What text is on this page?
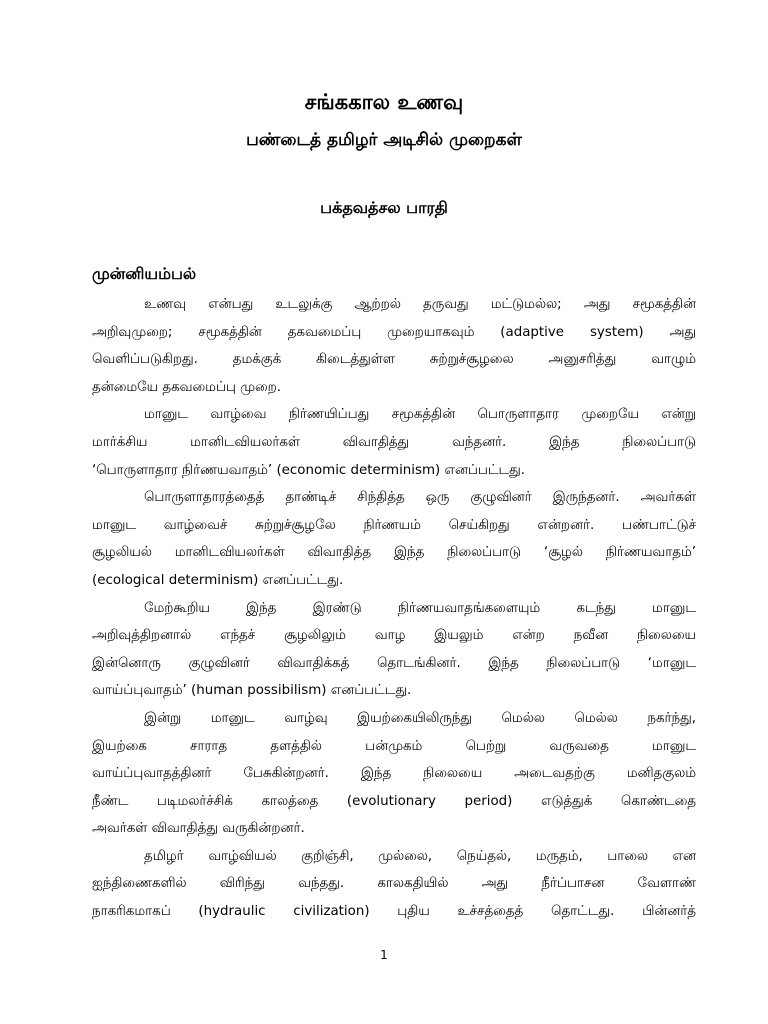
சங்ககால உணவு
பண்டைத் தமிழர் அடிசில் முறைகள்
பக்தவத்சல பாரதி
முன்னியம்பல்
உணவு என்பது உடலுக்கு ஆற்றல் தருவது மட்டுமல்ல; அது சமூகத்தின்
அறிவுமுறை; சமூகத்தின் தகவமைப்பு முறையாகவும் (adaptive system) அது
வெளிப்படுகிறது. தமக்குக் கிடைத்துள்ள சுற்றுச்சூழலை அனுசரித்து வாழும்
தன்மையே தகவமைப்பு முறை.
மானுட வாழ்வை நிர்ணயிப்பது சமூகத்தின் பொருளாதார முறையே என்று
மார்க்சிய மானிடவியலர்கள் விவாதித்து வந்தனர். இந்த நிலைப்பாடு
‘பொருளாதார நிர்ணயவாதம்’ (economic determinism) எனப்பட்டது.
பொருளாதாரத்தைத் தாண்டிச் சிந்தித்த ஒரு குழுவினர் இருந்தனர். அவர்கள்
மானுட வாழ்வைச் சுற்றுச்சூழலே நிர்ணயம் செய்கிறது என்றனர். பண்பாட்டுச்
சூழலியல் மானிடவியலர்கள் விவாதித்த இந்த நிலைப்பாடு ‘சூழல் நிர்ணயவாதம்’
(ecological determinism) எனப்பட்டது.
மேற்கூறிய இந்த இரண்டு நிர்ணயவாதங்களையும் கடந்து மானுட
அறிவுத்திறனால் எந்தச் சூழலிலும் வாழ இயலும் என்ற நவீன நிலையை
இன்னொரு குழுவினர் விவாதிக்கத் தொடங்கினர். இந்த நிலைப்பாடு ‘மானுட
வாய்ப்புவாதம்’ (human possibilism) எனப்பட்டது.
இன்று மானுட வாழ்வு இயற்கையிலிருந்து மெல்ல மெல்ல நகர்ந்து,
இயற்கை சாராத தளத்தில் பன்முகம் பெற்று வருவதை மானுட
வாய்ப்புவாதத்தினர் பேசுகின்றனர். இந்த நிலையை அடைவதற்கு மனிதகுலம்
நீண்ட படிமலர்ச்சிக் காலத்தை (evolutionary period) எடுத்துக் கொண்டதை
அவர்கள் விவாதித்து வருகின்றனர்.
தமிழர் வாழ்வியல் குறிஞ்சி, முல்லை, நெய்தல், மருதம், பாலை என
ஐந்திணைகளில் விரிந்து வந்தது. காலகதியில் அது நீர்ப்பாசன வேளாண்
நாகரிகமாகப் (hydraulic civilization) புதிய உச்சத்தைத் தொட்டது. பின்னர்த்
1
